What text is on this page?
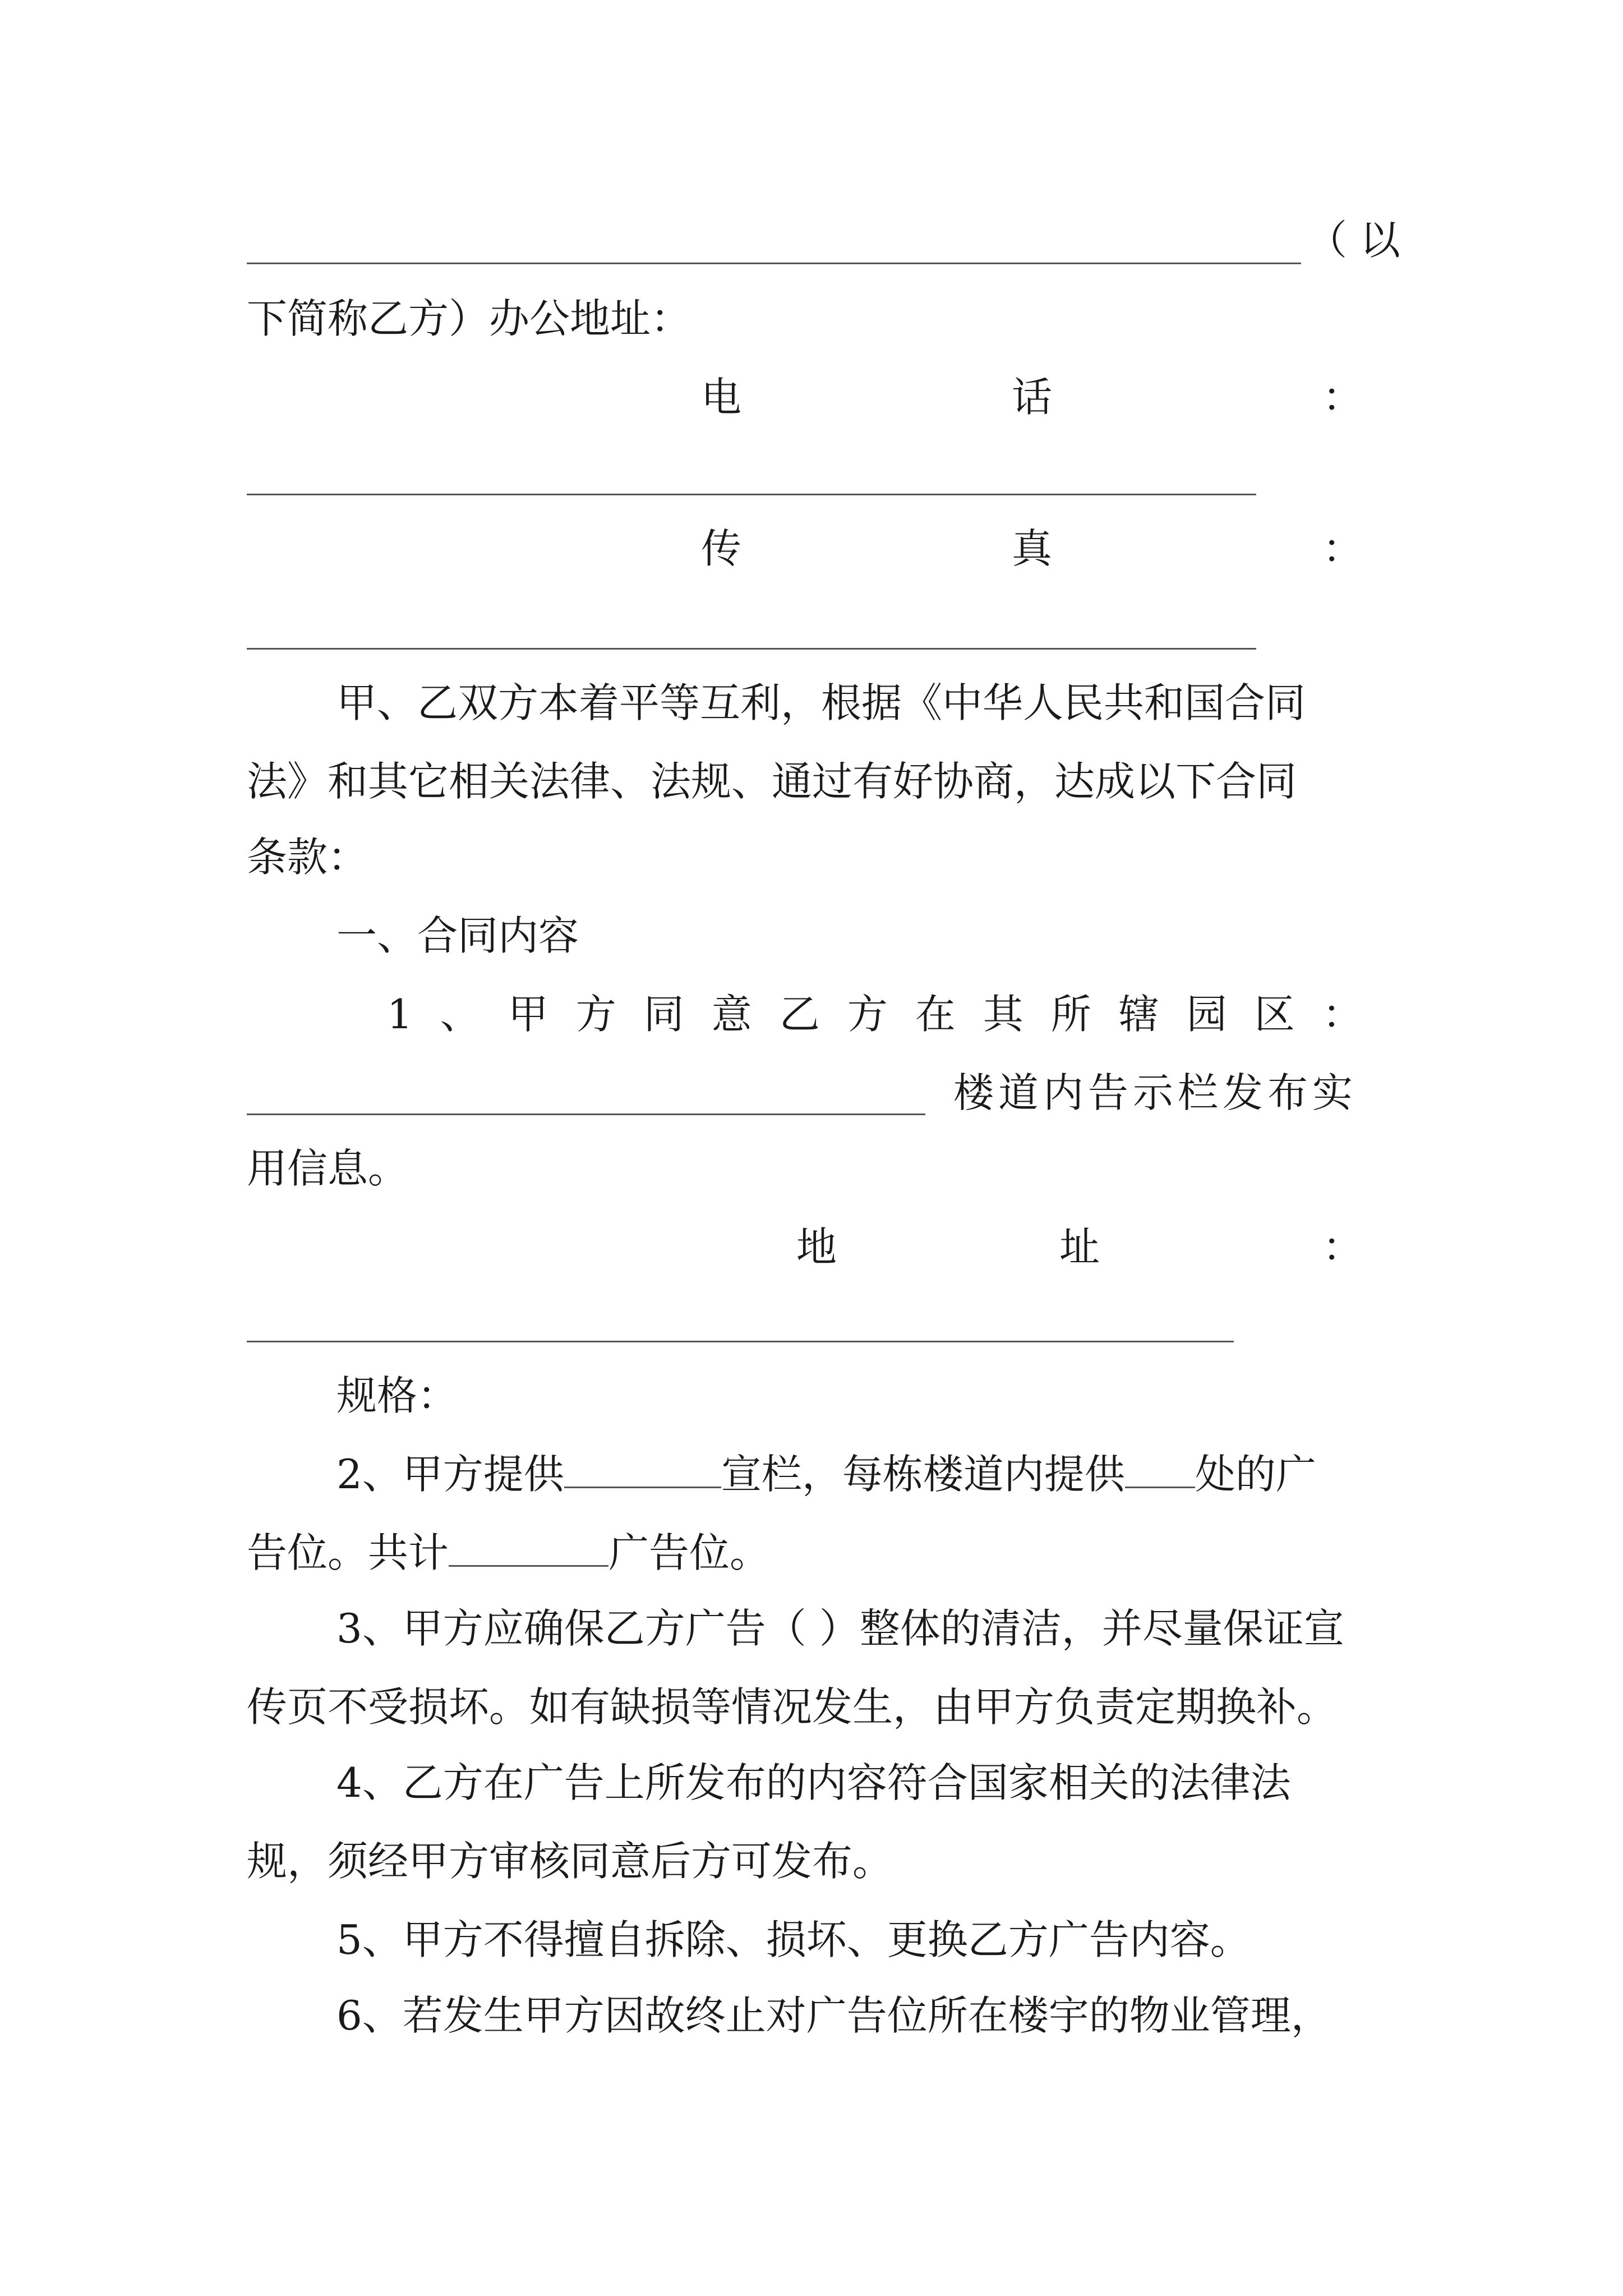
（ 以

下简称乙方）办公地址：

电	话	：
传	真	：

甲、乙双方本着平等互利，根据《中华人民共和国合同

法》和其它相关法律、法规、通过有好协商，达成以下合同

条款：

一、合同内容

1 、 甲 方 同 意 乙 方 在 其 所 辖 园 区 ：

楼道内告示栏发布实

用信息。

地	址	：

规格：

2、甲方提供	宣栏，每栋楼道内提供 处的广

告位。共计	广告位。

3、甲方应确保乙方广告（ ）整体的清洁，并尽量保证宣

传页不受损坏。如有缺损等情况发生，由甲方负责定期换补。

4、乙方在广告上所发布的内容符合国家相关的法律法

规，须经甲方审核同意后方可发布。

5、甲方不得擅自拆除、损坏、更换乙方广告内容。

6、若发生甲方因故终止对广告位所在楼宇的物业管理，
